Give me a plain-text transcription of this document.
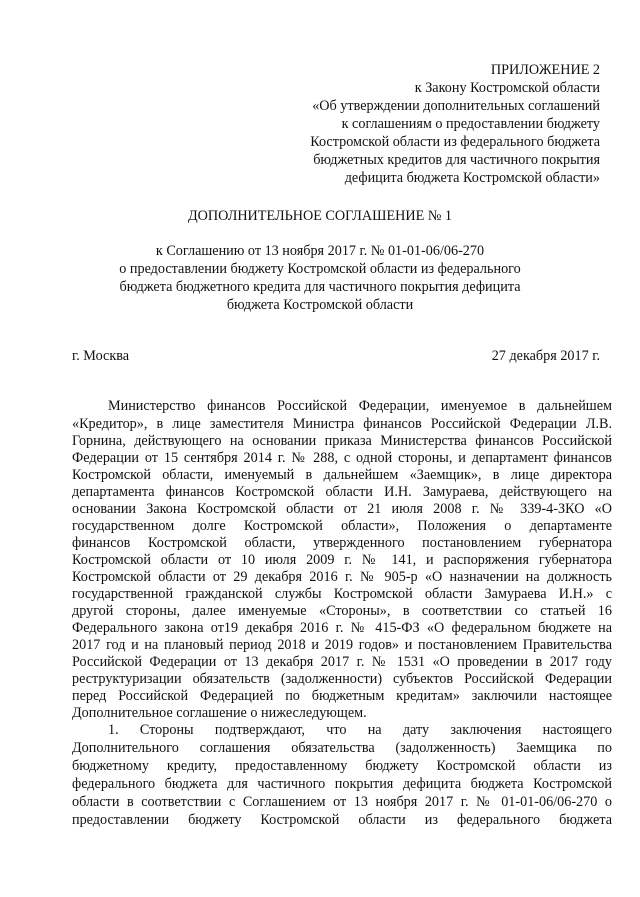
ПРИЛОЖЕНИЕ 2
к Закону Костромской области
«Об утверждении дополнительных соглашений
к соглашениям о предоставлении бюджету
Костромской области из федерального бюджета
бюджетных кредитов для частичного покрытия
дефицита бюджета Костромской области»
ДОПОЛНИТЕЛЬНОЕ СОГЛАШЕНИЕ № 1
к Соглашению от 13 ноября 2017 г. № 01-01-06/06-270
о предоставлении бюджету Костромской области из федерального
бюджета бюджетного кредита для частичного покрытия дефицита
бюджета Костромской области
г. Москва	27 декабря 2017 г.
Министерство финансов Российской Федерации, именуемое в дальнейшем
«Кредитор», в лице заместителя Министра финансов Российской Федерации Л.В.
Горнина, действующего на основании приказа Министерства финансов Российской
Федерации от 15 сентября 2014 г. № 288, с одной стороны, и департамент финансов
Костромской области, именуемый в дальнейшем «Заемщик», в лице директора
департамента финансов Костромской области И.Н. Замураева, действующего на
основании Закона Костромской области от 21 июля 2008 г. № 339-4-ЗКО «О
государственном долге Костромской области», Положения о департаменте
финансов Костромской области, утвержденного постановлением губернатора
Костромской области от 10 июля 2009 г. № 141, и распоряжения губернатора
Костромской области от 29 декабря 2016 г. № 905-р «О назначении на должность
государственной гражданской службы Костромской области Замураева И.Н.» с
другой стороны, далее именуемые «Стороны», в соответствии со статьей 16
Федерального закона от19 декабря 2016 г. № 415-ФЗ «О федеральном бюджете на
2017 год и на плановый период 2018 и 2019 годов» и постановлением Правительства
Российской Федерации от 13 декабря 2017 г. № 1531 «О проведении в 2017 году
реструктуризации обязательств (задолженности) субъектов Российской Федерации
перед Российской Федерацией по бюджетным кредитам» заключили настоящее
Дополнительное соглашение о нижеследующем.
1. Стороны подтверждают, что на дату заключения настоящего
Дополнительного соглашения обязательства (задолженность) Заемщика по
бюджетному кредиту, предоставленному бюджету Костромской области из
федерального бюджета для частичного покрытия дефицита бюджета Костромской
области в соответствии с Соглашением от 13 ноября 2017 г. № 01-01-06/06-270 о
предоставлении бюджету Костромской области из федерального бюджета
